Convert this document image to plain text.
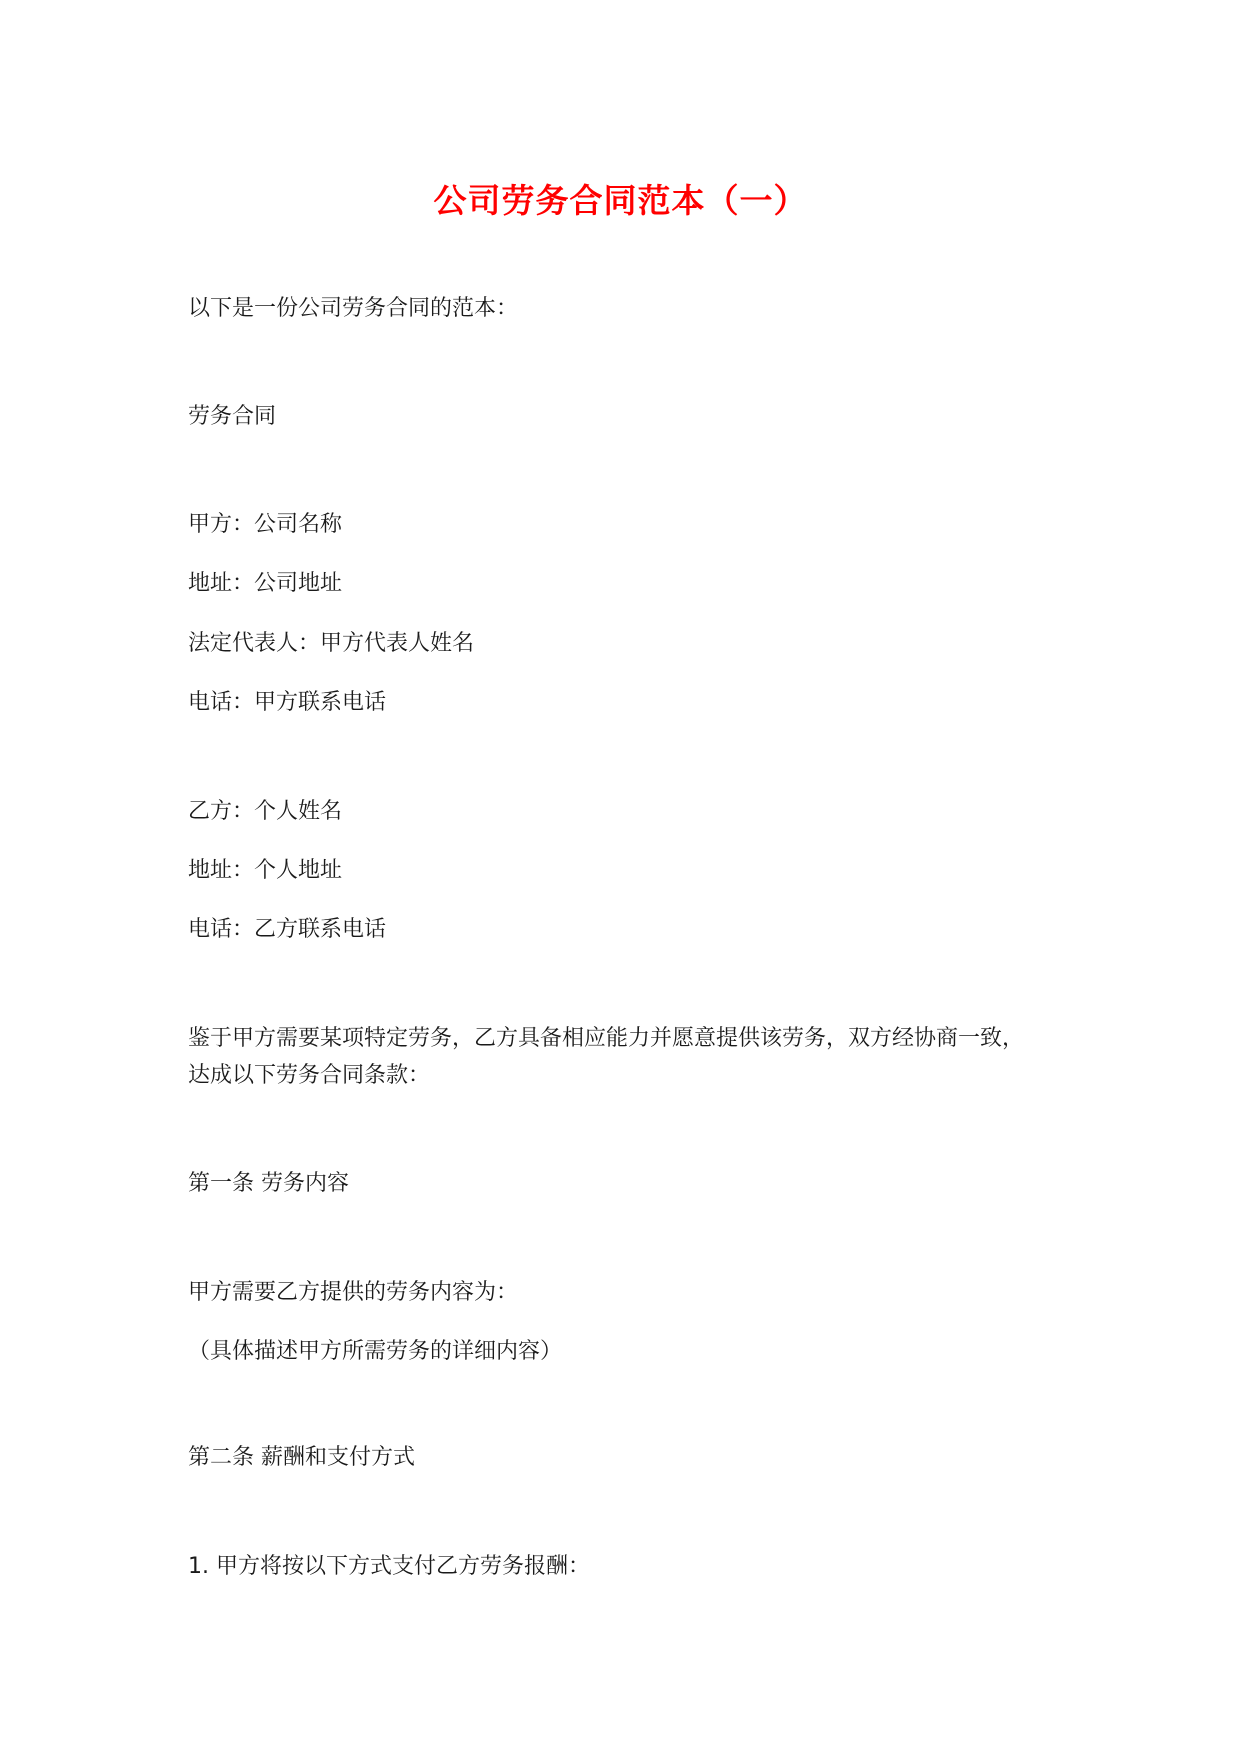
公司劳务合同范本（一）
以下是一份公司劳务合同的范本：
劳务合同
甲方：公司名称
地址：公司地址
法定代表人：甲方代表人姓名
电话：甲方联系电话
乙方：个人姓名
地址：个人地址
电话：乙方联系电话
鉴于甲方需要某项特定劳务，乙方具备相应能力并愿意提供该劳务，双方经协商一致，
达成以下劳务合同条款：
第一条 劳务内容
甲方需要乙方提供的劳务内容为：
（具体描述甲方所需劳务的详细内容）
第二条 薪酬和支付方式
1. 甲方将按以下方式支付乙方劳务报酬：
